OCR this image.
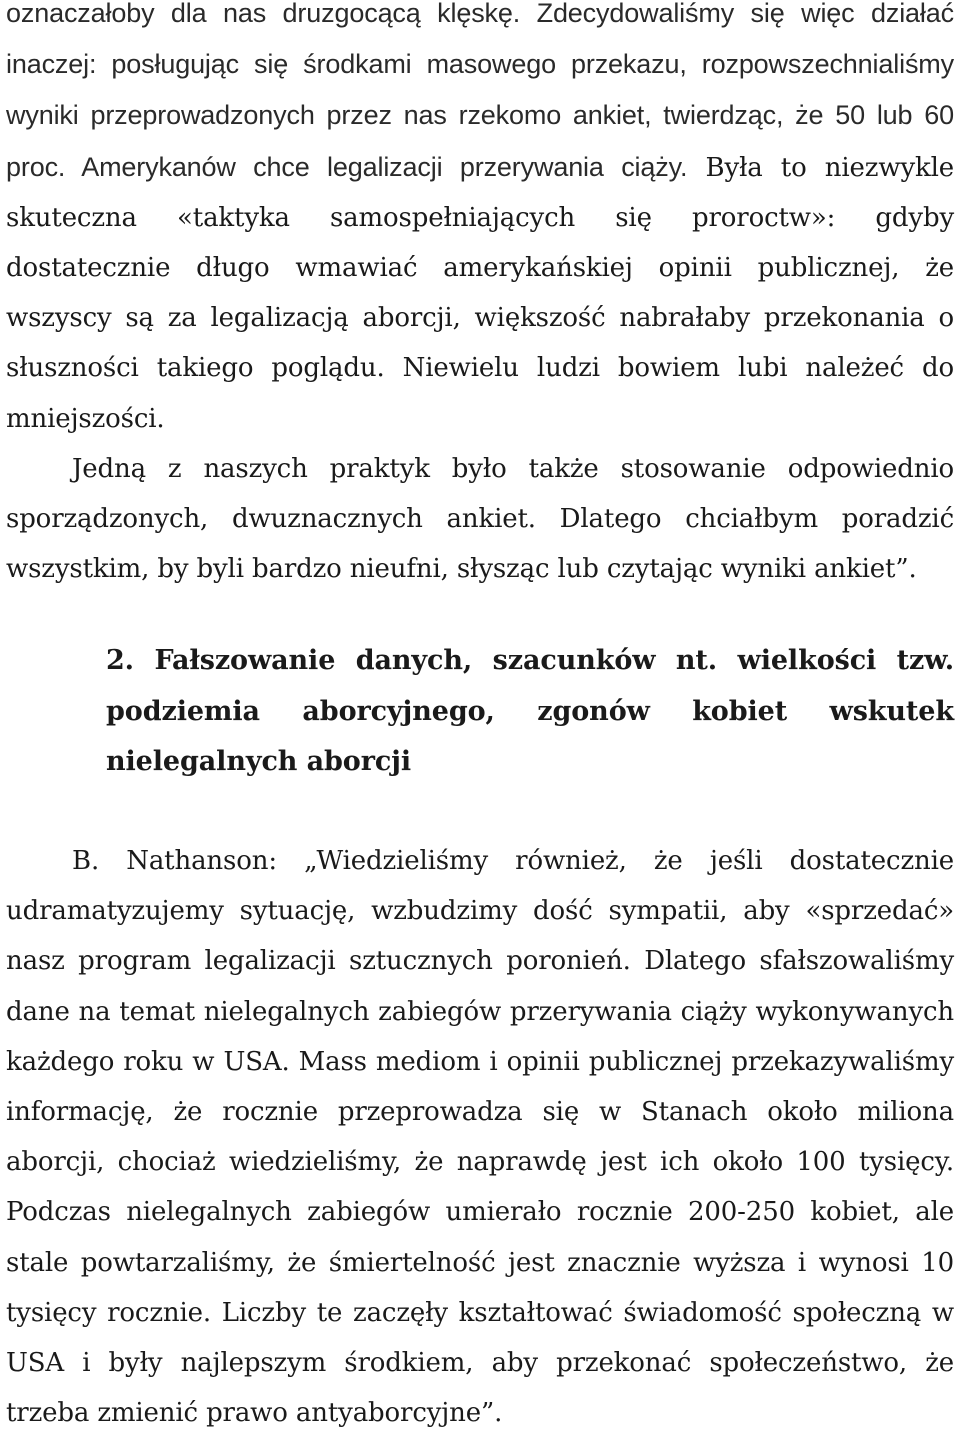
oznaczałoby dla nas druzgocącą klęskę. Zdecydowaliśmy się więc działać inaczej: posługując się środkami masowego przekazu, rozpowszechnialiśmy wyniki przeprowadzonych przez nas rzekomo ankiet, twierdząc, że 50 lub 60 proc. Amerykanów chce legalizacji przerywania ciąży. Była to niezwykle skuteczna «taktyka samospełniających się proroctw»: gdyby dostatecznie długo wmawiać amerykańskiej opinii publicznej, że wszyscy są za legalizacją aborcji, większość nabrałaby przekonania o słuszności takiego poglądu. Niewielu ludzi bowiem lubi należeć do mniejszości.

Jedną z naszych praktyk było także stosowanie odpowiednio sporządzonych, dwuznacznych ankiet. Dlatego chciałbym poradzić wszystkim, by byli bardzo nieufni, słysząc lub czytając wyniki ankiet”.

2. Fałszowanie danych, szacunków nt. wielkości tzw. podziemia aborcyjnego, zgonów kobiet wskutek nielegalnych aborcji

B. Nathanson: „Wiedzieliśmy również, że jeśli dostatecznie udramatyzujemy sytuację, wzbudzimy dość sympatii, aby «sprzedać» nasz program legalizacji sztucznych poronień. Dlatego sfałszowaliśmy dane na temat nielegalnych zabiegów przerywania ciąży wykonywanych każdego roku w USA. Mass mediom i opinii publicznej przekazywaliśmy informację, że rocznie przeprowadza się w Stanach około miliona aborcji, chociaż wiedzieliśmy, że naprawdę jest ich około 100 tysięcy. Podczas nielegalnych zabiegów umierało rocznie 200-250 kobiet, ale stale powtarzaliśmy, że śmiertelność jest znacznie wyższa i wynosi 10 tysięcy rocznie. Liczby te zaczęły kształtować świadomość społeczną w USA i były najlepszym środkiem, aby przekonać społeczeństwo, że trzeba zmienić prawo antyaborcyjne”.
